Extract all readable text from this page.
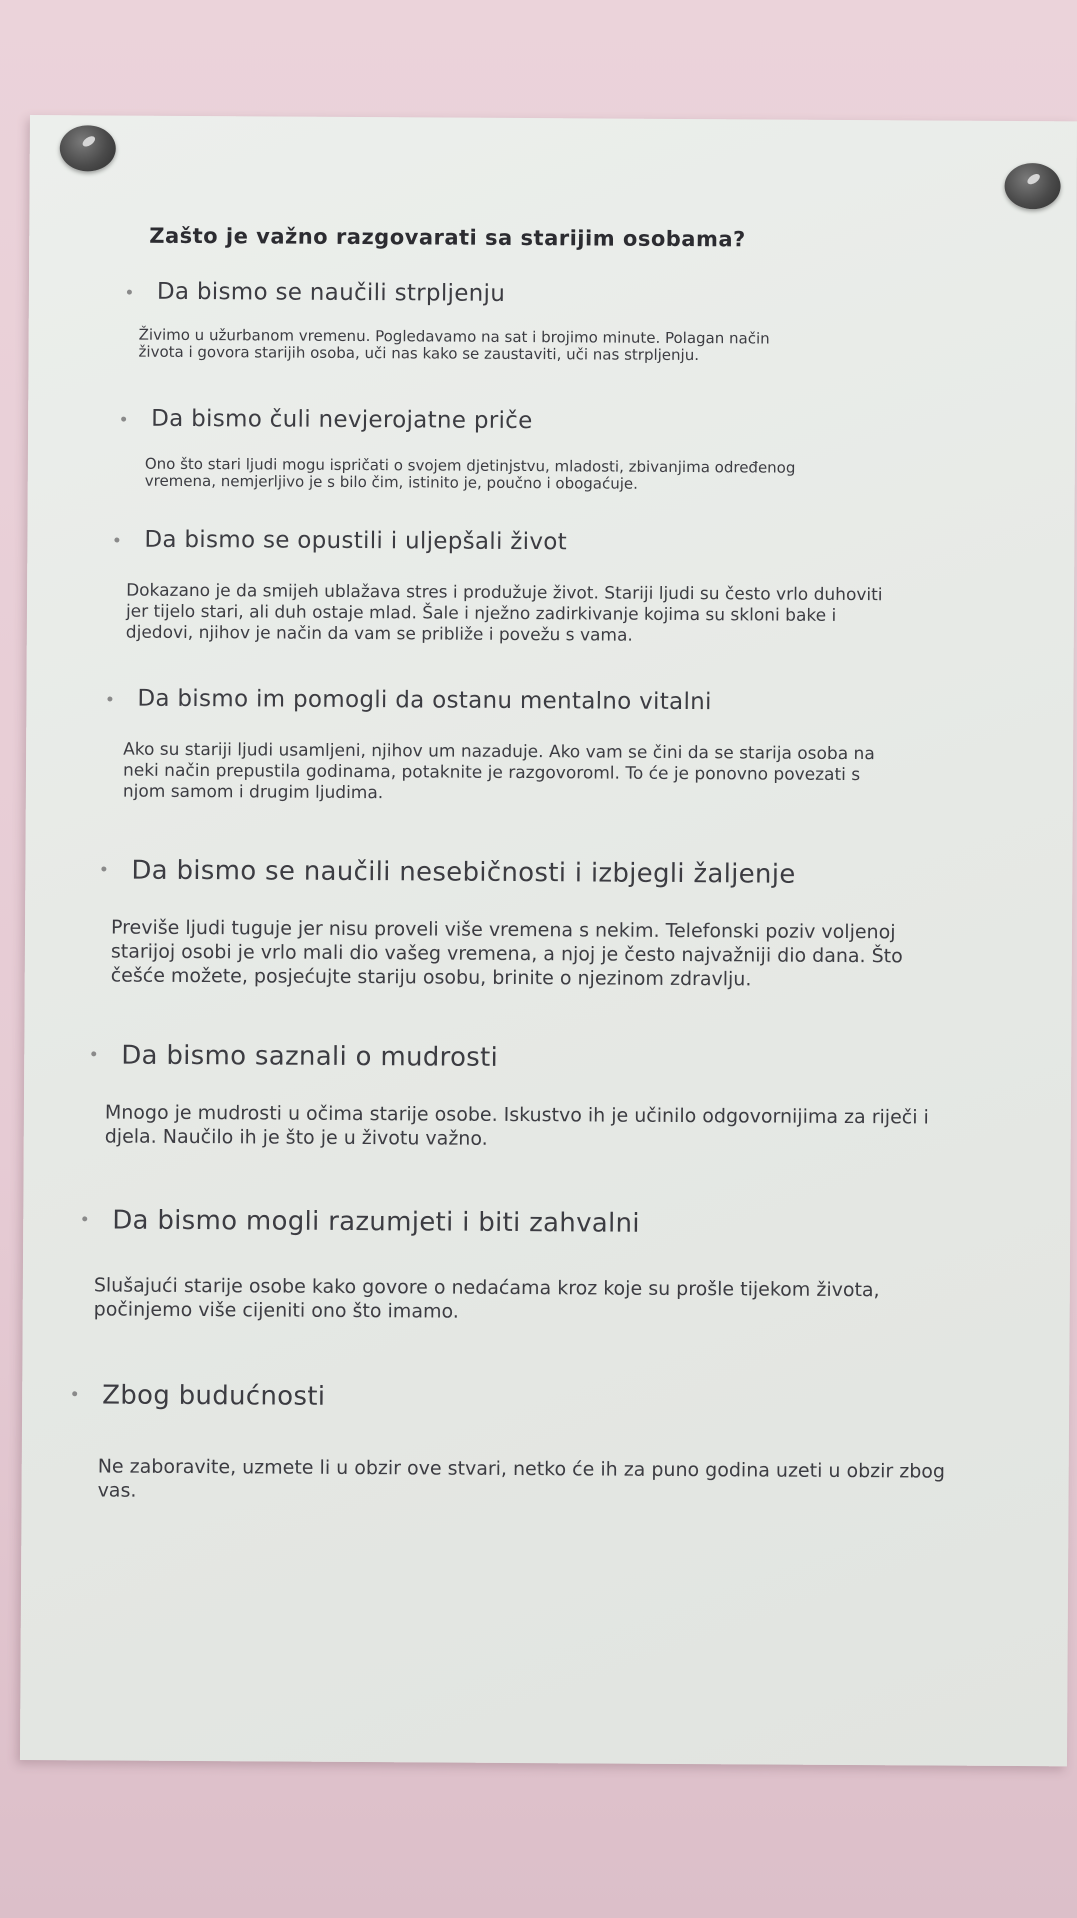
Zašto je važno razgovarati sa starijim osobama?
Da bismo se naučili strpljenju
Živimo u užurbanom vremenu. Pogledavamo na sat i brojimo minute. Polagan način
života i govora starijih osoba, uči nas kako se zaustaviti, uči nas strpljenju.
Da bismo čuli nevjerojatne priče
Ono što stari ljudi mogu ispričati o svojem djetinjstvu, mladosti, zbivanjima određenog
vremena, nemjerljivo je s bilo čim, istinito je, poučno i obogaćuje.
Da bismo se opustili i uljepšali život
Dokazano je da smijeh ublažava stres i produžuje život. Stariji ljudi su često vrlo duhoviti
jer tijelo stari, ali duh ostaje mlad. Šale i nježno zadirkivanje kojima su skloni bake i
djedovi, njihov je način da vam se približe i povežu s vama.
Da bismo im pomogli da ostanu mentalno vitalni
Ako su stariji ljudi usamljeni, njihov um nazaduje. Ako vam se čini da se starija osoba na
neki način prepustila godinama, potaknite je razgovoroml. To će je ponovno povezati s
njom samom i drugim ljudima.
Da bismo se naučili nesebičnosti i izbjegli žaljenje
Previše ljudi tuguje jer nisu proveli više vremena s nekim. Telefonski poziv voljenoj
starijoj osobi je vrlo mali dio vašeg vremena, a njoj je često najvažniji dio dana. Što
češće možete, posjećujte stariju osobu, brinite o njezinom zdravlju.
Da bismo saznali o mudrosti
Mnogo je mudrosti u očima starije osobe. Iskustvo ih je učinilo odgovornijima za riječi i
djela. Naučilo ih je što je u životu važno.
Da bismo mogli razumjeti i biti zahvalni
Slušajući starije osobe kako govore o nedaćama kroz koje su prošle tijekom života,
počinjemo više cijeniti ono što imamo.
Zbog budućnosti
Ne zaboravite, uzmete li u obzir ove stvari, netko će ih za puno godina uzeti u obzir zbog
vas.
